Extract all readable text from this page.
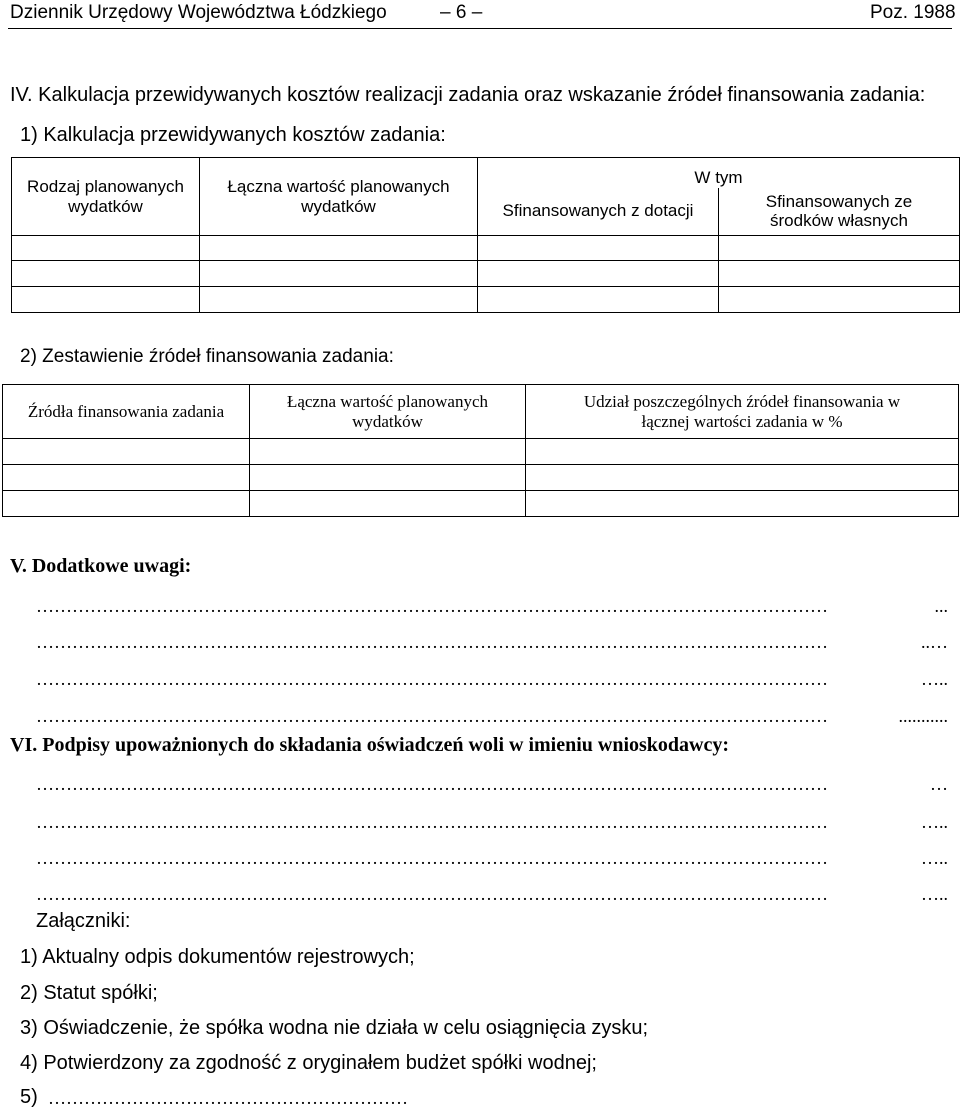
Dziennik Urzędowy Województwa Łódzkiego	– 6 –	Poz. 1988
IV. Kalkulacja przewidywanych kosztów realizacji zadania oraz wskazanie źródeł finansowania zadania:
1) Kalkulacja przewidywanych kosztów zadania:
Rodzaj planowanych wydatków	Łączna wartość planowanych wydatków	W tym	
		Sfinansowanych z dotacji	Sfinansowanych ze środków własnych

2) Zestawienie źródeł finansowania zadania:
Źródła finansowania zadania	Łączna wartość planowanych wydatków	Udział poszczególnych źródeł finansowania w łącznej wartości zadania w %

V. Dodatkowe uwagi:
……………………………………………………………………………………………………………………	...
……………………………………………………………………………………………………………………	..…
……………………………………………………………………………………………………………………	…..
……………………………………………………………………………………………………………………	...........
VI. Podpisy upoważnionych do składania oświadczeń woli w imieniu wnioskodawcy:
……………………………………………………………………………………………………………………	…
……………………………………………………………………………………………………………………	…..
……………………………………………………………………………………………………………………	…..
……………………………………………………………………………………………………………………	…..
Załączniki:
1) Aktualny odpis dokumentów rejestrowych;
2) Statut spółki;
3) Oświadczenie, że spółka wodna nie działa w celu osiągnięcia zysku;
4) Potwierdzony za zgodność z oryginałem budżet spółki wodnej;
5) ……………………………………………………
